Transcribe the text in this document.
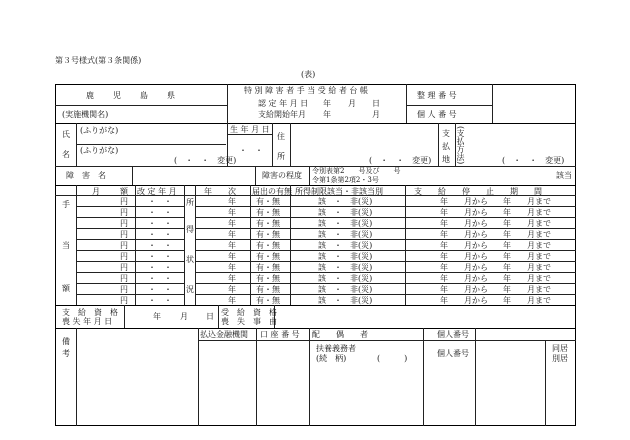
第３号様式(第３条関係)
(表)
鹿　　児　　島　　県
(実施機関名)
特 別 障 害 者 手 当 受 給 者 台 帳
認 定 年 月 日 年 月 日
支給開始年月 年	月
整 理 番 号
個 人 番 号
氏
名
(ふりがな)
(ふりがな)
(　・　・　変更)
生 年 月 日
・　・
住
所	(　・　・　変更)
支
払
地 (支払方法)	(　・　・　変更)
障　害　名	障害の程度 令別表第2　　号及び　　号
令第1条第2項2・3号	該当
手
当
額
月	額 改 定 年 月
所
得
状
況
年　　次 届出の有無 所得制限該当・非該当別	支　　給　　停　　止　　期　　間
円	・　・	年	有・無	該　・　非(災)	年　　月から 年　　月まで
円	・　・	年	有・無	該　・　非(災)	年　　月から 年　　月まで
円	・　・	年	有・無	該　・　非(災)	年　　月から 年　　月まで
円	・　・	年	有・無	該　・　非(災)	年　　月から 年　　月まで
円	・　・	年	有・無	該　・　非(災)	年　　月から 年　　月まで
円	・　・	年	有・無	該　・　非(災)	年　　月から 年　　月まで
円	・　・	年	有・無	該　・　非(災)	年　　月から 年　　月まで
円	・　・	年	有・無	該　・　非(災)	年　　月から 年　　月まで
円	・　・	年	有・無	該　・　非(災)	年　　月から 年　　月まで
円	・　・	年	有・無	該　・　非(災)	年　　月から 年　　月まで
支　給　資　格
喪 失 年 月 日
年 月 日 受　給　資　格
喪　失　事　由
備
考
払込金融機関 口 座 番 号 配　　偶　　者	個人番号
扶養義務者
(続　柄)	(　　　)
個人番号
同居
別居
